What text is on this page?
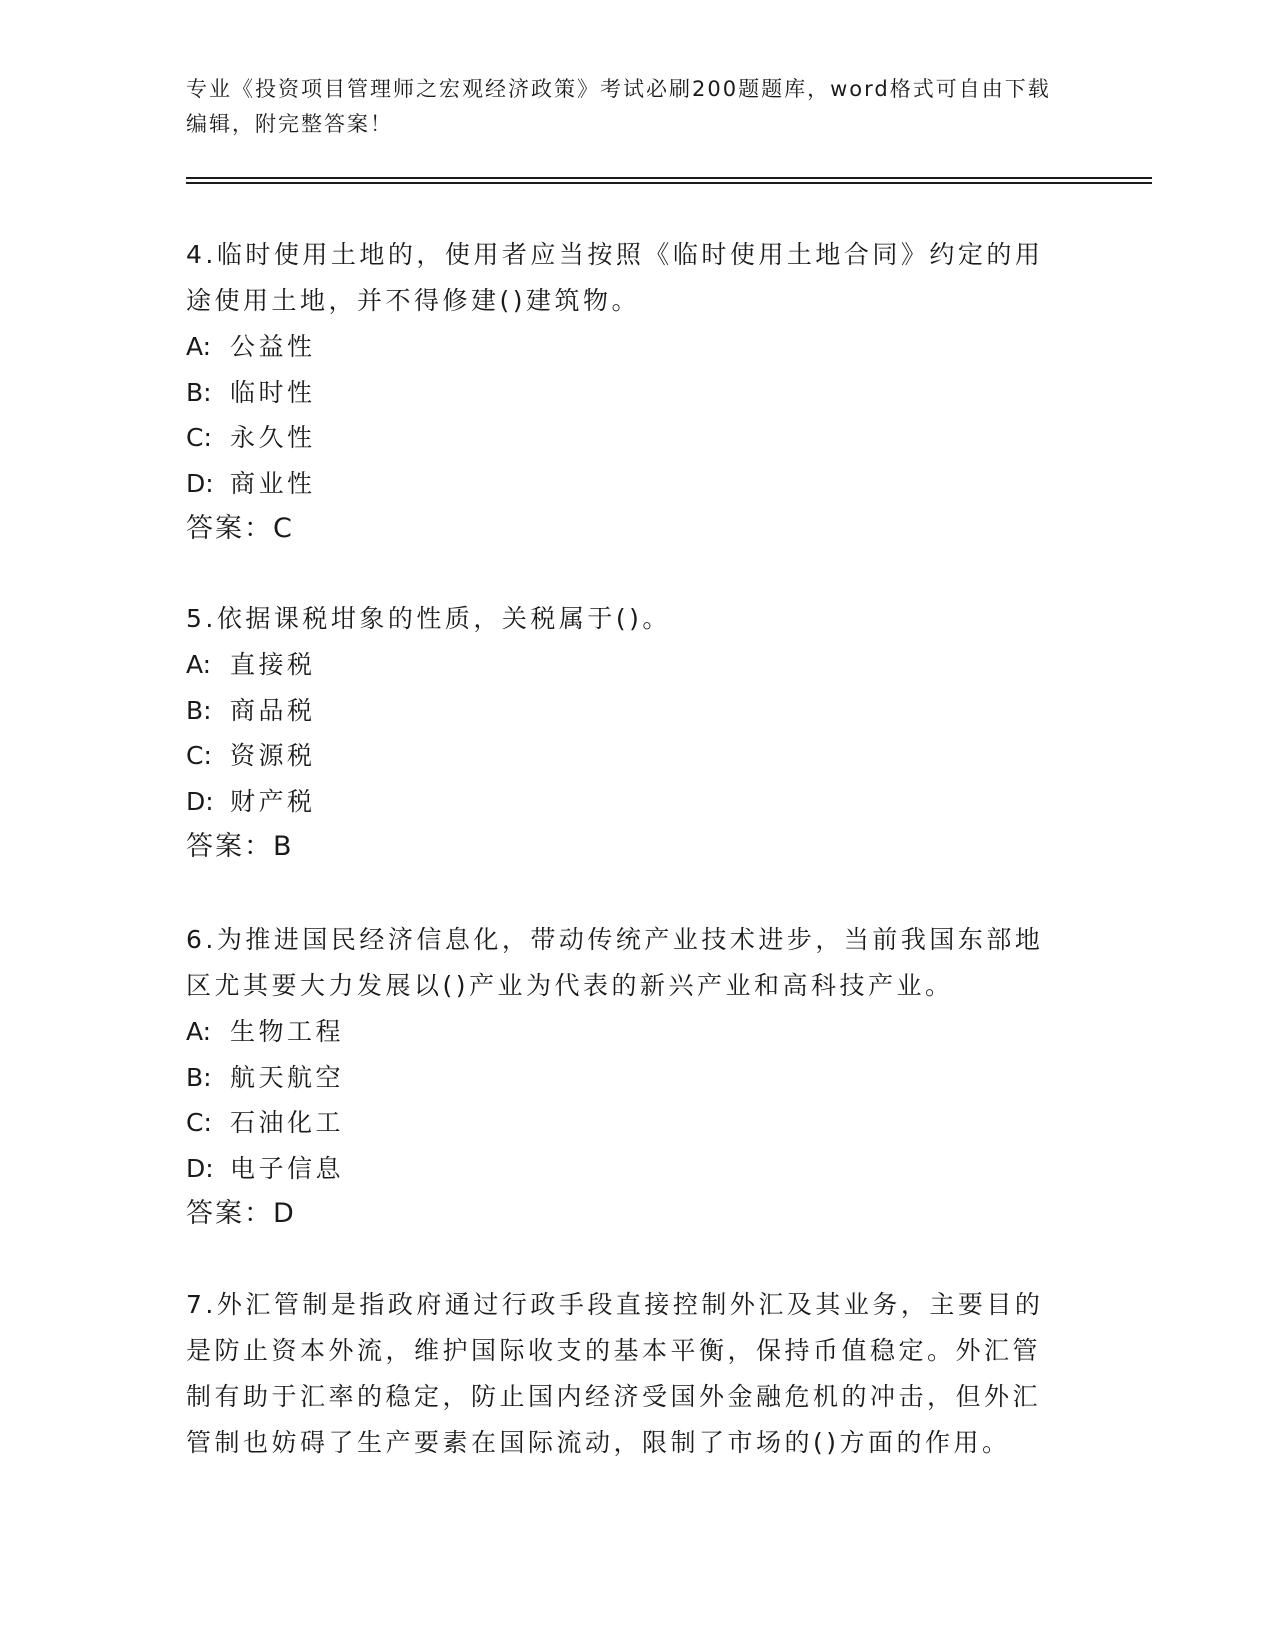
专业《投资项目管理师之宏观经济政策》考试必刷200题题库，word格式可自由下载编辑，附完整答案！

4.临时使用土地的，使用者应当按照《临时使用土地合同》约定的用途使用土地，并不得修建()建筑物。

A: 公益性

B: 临时性

C: 永久性

D: 商业性

答案：C

5.依据课税坩象的性质，关税属于()。

A: 直接税

B: 商品税

C: 资源税

D: 财产税

答案：B

6.为推进国民经济信息化，带动传统产业技术进步，当前我国东部地区尤其要大力发展以()产业为代表的新兴产业和高科技产业。

A: 生物工程

B: 航天航空

C: 石油化工

D: 电子信息

答案：D

7.外汇管制是指政府通过行政手段直接控制外汇及其业务，主要目的是防止资本外流，维护国际收支的基本平衡，保持币值稳定。外汇管制有助于汇率的稳定，防止国内经济受国外金融危机的冲击，但外汇管制也妨碍了生产要素在国际流动，限制了市场的()方面的作用。
